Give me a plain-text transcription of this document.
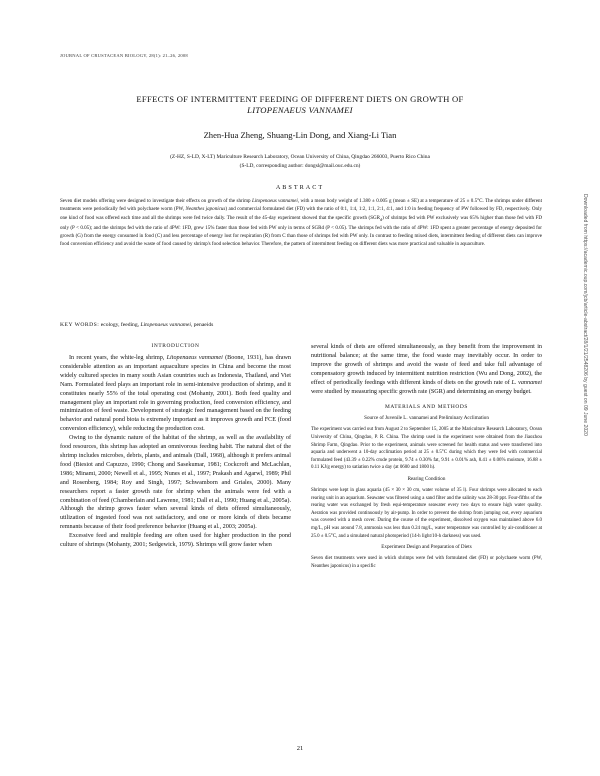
JOURNAL OF CRUSTACEAN BIOLOGY, 28(1): 21–26, 2008
EFFECTS OF INTERMITTENT FEEDING OF DIFFERENT DIETS ON GROWTH OF
LITOPENAEUS VANNAMEI
Zhen-Hua Zheng, Shuang-Lin Dong, and Xiang-Li Tian
(Z-HZ, S-LD, X-LT) Mariculture Research Laboratory, Ocean University of China, Qingdao 266003, Puerto Rico China
(S-LD, corresponding author: dongsl@mail.ouc.edu.cn)
ABSTRACT
Seven diet models offering were designed to investigate their effects on growth of the shrimp Litopenaeus vannamei, with a mean body weight of 1.380 ± 0.005 g (mean ± SE) at a temperature of 25 ± 0.5°C. The shrimps under different treatments were periodically fed with polychaete worm (PW, Neanthes japonicus) and commercial formulated diet (FD) with the ratio of 0:1, 1:4, 1:2, 1:1, 2:1, 4:1, and 1:0 in feeding frequency of PW followed by FD, respectively. Only one kind of food was offered each time and all the shrimps were fed twice daily. The result of the 45-day experiment showed that the specific growth $(SGR_d)$ of shrimps fed with PW exclusively was 65% higher than those fed with FD only (P < 0.05); and the shrimps fed with the ratio of 4PW: 1FD, grew 15% faster than those fed with PW only in terms of SGRd (P < 0.05). The shrimps fed with the ratio of 4PW: 1FD spent a greater percentage of energy deposited for growth (G) from the energy consumed in food (C) and less percentage of energy lost for respiration (R) from C than those of shrimps fed with PW only. In contrast to feeding mixed diets, intermittent feeding of different diets can improve food conversion efficiency and avoid the waste of food caused by shrimp's food selection behavior. Therefore, the pattern of intermittent feeding on different diets was more practical and valuable in aquaculture.
KEY WORDS: ecology, feeding, Litopenaeus vannamei, penaeids
INTRODUCTION

In recent years, the white-leg shrimp, Litopenaeus vannamei (Boone, 1931), has drawn considerable attention as an important aquaculture species in China and become the most widely cultured species in many south Asian countries such as Indonesia, Thailand, and Viet Nam. Formulated feed plays an important role in semi-intensive production of shrimp, and it constitutes nearly 55% of the total operating cost (Mohanty, 2001). Both feed quality and management play an important role in governing production, feed conversion efficiency, and minimization of feed waste. Development of strategic feed management based on the feeding behavior and natural pond biota is extremely important as it improves growth and FCE (food conversion efficiency), while reducing the production cost.

Owing to the dynamic nature of the habitat of the shrimp, as well as the availability of food resources, this shrimp has adopted an omnivorous feeding habit. The natural diet of the shrimp includes microbes, debris, plants, and animals (Dall, 1968), although it prefers animal food (Biesiot and Capuzzo, 1990; Chong and Sasekumar, 1981; Cockcroft and McLachlan, 1986; Minami, 2000; Newell et al., 1995; Nunes et al., 1997; Prakash and Agarwl, 1989; Phil and Rosenberg, 1984; Roy and Singh, 1997; Schwamborn and Griales, 2000). Many researchers report a faster growth rate for shrimp when the animals were fed with a combination of feed (Chamberlain and Lawrene, 1981; Dall et al., 1990; Huang et al., 2005a). Although the shrimp grows faster when several kinds of diets offered simultaneously, utilization of ingested food was not satisfactory, and one or more kinds of diets became remnants because of their food preference behavior (Huang et al., 2003; 2005a).

Excessive feed and multiple feeding are often used for higher production in the pond culture of shrimps (Mohanty, 2001; Sedgewick, 1979). Shrimps will grow faster when

several kinds of diets are offered simultaneously, as they benefit from the improvement in nutritional balance; at the same time, the food waste may inevitably occur. In order to improve the growth of shrimps and avoid the waste of feed and take full advantage of compensatory growth induced by intermittent nutrition restriction (Wu and Dong, 2002), the effect of periodically feedings with different kinds of diets on the growth rate of L. vannamei were studied by measuring specific growth rate (SGR) and determining an energy budget.

MATERIALS AND METHODS
Source of Juvenile L. vannamei and Preliminary Acclimation

The experiment was carried out from August 2 to September 15, 2005 at the Mariculture Research Laboratory, Ocean University of China, Qingdao, P. R. China. The shrimp used in the experiment were obtained from the Jiaozhou Shrimp Farm, Qingdao. Prior to the experiment, animals were screened for health status and were transferred into aquaria and underwent a 10-day acclimation period at 25 ± 0.5°C during which they were fed with commercial formulated feed (43.39 ± 0.22% crude protein, 9.74 ± 0.30% fat, 9.91 ± 0.01% ash, 8.41 ± 0.06% moisture, 16.88 ± 0.11 KJ/g energy) to satiation twice a day (at 0600 and 1800 h).

Rearing Condition

Shrimps were kept in glass aquaria (45 × 30 × 30 cm, water volume of 35 l). Four shrimps were allocated to each rearing unit in an aquarium. Seawater was filtered using a sand filter and the salinity was 28-30 ppt. Four-fifths of the rearing water was exchanged by fresh equi-temperature seawater every two days to ensure high water quality. Aeration was provided continuously by air-pump. In order to prevent the shrimp from jumping out, every aquarium was covered with a mesh cover. During the course of the experiment, dissolved oxygen was maintained above 6.0 mg/L, pH was around 7.8, ammonia was less than 0.24 mg/L, water temperature was controlled by air-conditioner at 25.0 ± 0.5°C, and a simulated natural photoperiod (14-h light/10-h darkness) was used.

Experiment Design and Preparation of Diets

Seven diet treatments were used in which shrimps were fed with formulated diet (FD) or polychaete worm (PW, Neanthes japonicus) in a specific

21
Downloaded from https://academic.oup.com/jcb/article-abstract/28/1/21/2548206 by guest on 09 June 2020
